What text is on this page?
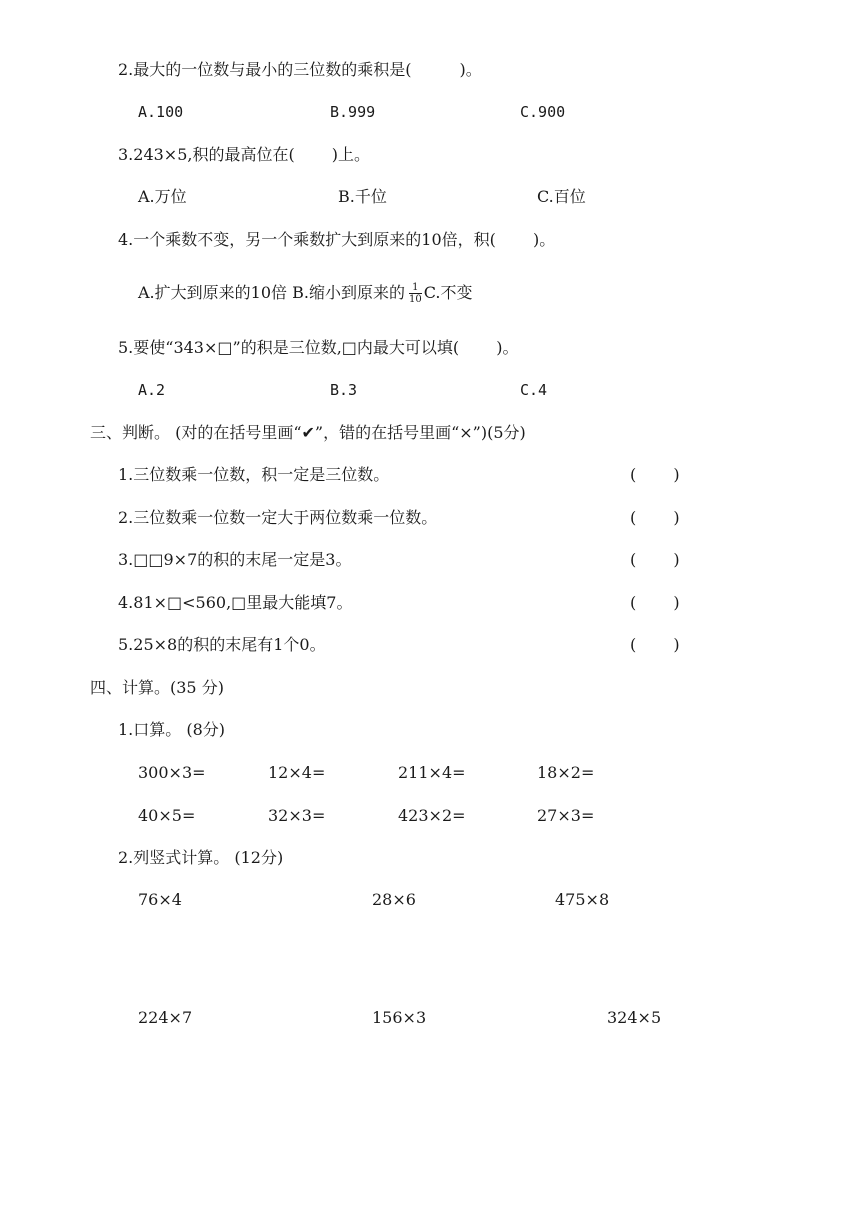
2.最大的一位数与最小的三位数的乘积是(　　　)。
A.100	B.999	C.900
3.243×5,积的最高位在(　　 )上。
A.万位	B.千位	C.百位
4.一个乘数不变，另一个乘数扩大到原来的10倍，积(　　 )。
A.扩大到原来的10倍 B.缩小到原来的 $\frac{1}{10} C$.不变
5.要使“343×□”的积是三位数,□内最大可以填(　　 )。
A.2	B.3	C.4
三、判断。 (对的在括号里画“✔”，错的在括号里画“×”)(5分)
1.三位数乘一位数，积一定是三位数。	(　　 )
2.三位数乘一位数一定大于两位数乘一位数。	(　　 )
3.□□9×7的积的末尾一定是3。	(　　 )
4.81×□<560,□里最大能填7。	(　　 )
5.25×8的积的末尾有1个0。	(　　 )
四、计算。(35 分)
1.口算。 (8分)
300×3=	12×4=	211×4=	18×2=
40×5=	32×3=	423×2=	27×3=
2.列竖式计算。 (12分)
76×4	28×6	475×8
224×7	156×3	324×5
